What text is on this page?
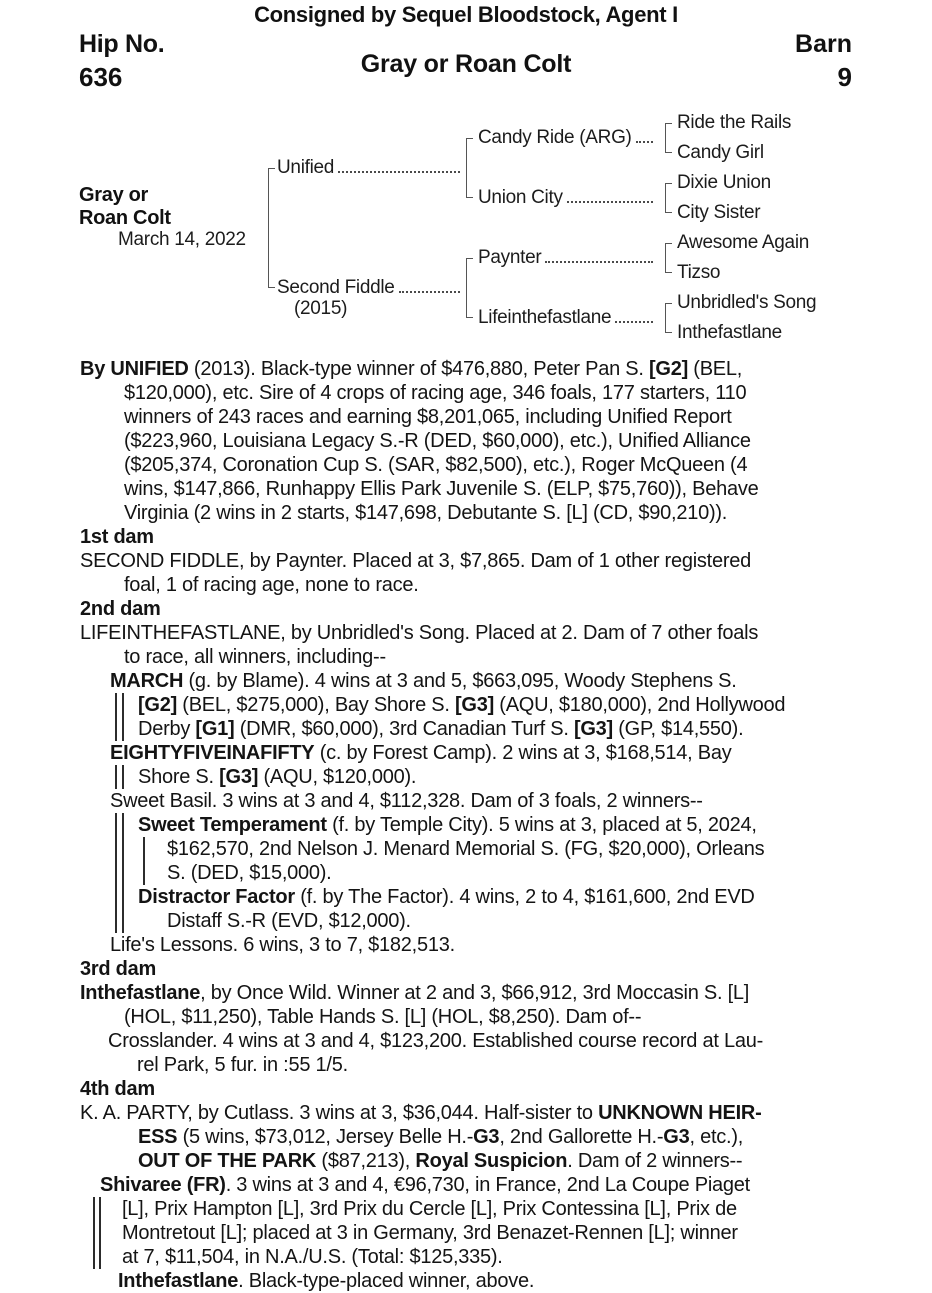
Consigned by Sequel Bloodstock, Agent I
Hip No.
636	Gray or Roan Colt
Barn
9
Gray or
Roan Colt
March 14, 2022
Unified
Second Fiddle
(2015)
Candy Ride (ARG)
Union City
Paynter
Lifeinthefastlane
Ride the Rails
Candy Girl
Dixie Union
City Sister
Awesome Again
Tizso
Unbridled's Song
Inthefastlane
By UNIFIED (2013). Black-type winner of $476,880, Peter Pan S. [G2] (BEL,
$120,000), etc. Sire of 4 crops of racing age, 346 foals, 177 starters, 110
winners of 243 races and earning $8,201,065, including Unified Report
($223,960, Louisiana Legacy S.-R (DED, $60,000), etc.), Unified Alliance
($205,374, Coronation Cup S. (SAR, $82,500), etc.), Roger McQueen (4
wins, $147,866, Runhappy Ellis Park Juvenile S. (ELP, $75,760)), Behave
Virginia (2 wins in 2 starts, $147,698, Debutante S. [L] (CD, $90,210)).
1st dam
SECOND FIDDLE, by Paynter. Placed at 3, $7,865. Dam of 1 other registered
foal, 1 of racing age, none to race.
2nd dam
LIFEINTHEFASTLANE, by Unbridled's Song. Placed at 2. Dam of 7 other foals
to race, all winners, including--
MARCH (g. by Blame). 4 wins at 3 and 5, $663,095, Woody Stephens S.
[G2] (BEL, $275,000), Bay Shore S. [G3] (AQU, $180,000), 2nd Hollywood
Derby [G1] (DMR, $60,000), 3rd Canadian Turf S. [G3] (GP, $14,550).
EIGHTYFIVEINAFIFTY (c. by Forest Camp). 2 wins at 3, $168,514, Bay
Shore S. [G3] (AQU, $120,000).
Sweet Basil. 3 wins at 3 and 4, $112,328. Dam of 3 foals, 2 winners--
Sweet Temperament (f. by Temple City). 5 wins at 3, placed at 5, 2024,
$162,570, 2nd Nelson J. Menard Memorial S. (FG, $20,000), Orleans
S. (DED, $15,000).
Distractor Factor (f. by The Factor). 4 wins, 2 to 4, $161,600, 2nd EVD
Distaff S.-R (EVD, $12,000).
Life's Lessons. 6 wins, 3 to 7, $182,513.
3rd dam
Inthefastlane, by Once Wild. Winner at 2 and 3, $66,912, 3rd Moccasin S. [L]
(HOL, $11,250), Table Hands S. [L] (HOL, $8,250). Dam of--
Crosslander. 4 wins at 3 and 4, $123,200. Established course record at Lau-
rel Park, 5 fur. in :55 1/5.
4th dam
K. A. PARTY, by Cutlass. 3 wins at 3, $36,044. Half-sister to UNKNOWN HEIR-
ESS (5 wins, $73,012, Jersey Belle H.-G3, 2nd Gallorette H.-G3, etc.),
OUT OF THE PARK ($87,213), Royal Suspicion. Dam of 2 winners--
Shivaree (FR). 3 wins at 3 and 4, €96,730, in France, 2nd La Coupe Piaget
[L], Prix Hampton [L], 3rd Prix du Cercle [L], Prix Contessina [L], Prix de
Montretout [L]; placed at 3 in Germany, 3rd Benazet-Rennen [L]; winner
at 7, $11,504, in N.A./U.S. (Total: $125,335).
Inthefastlane. Black-type-placed winner, above.
